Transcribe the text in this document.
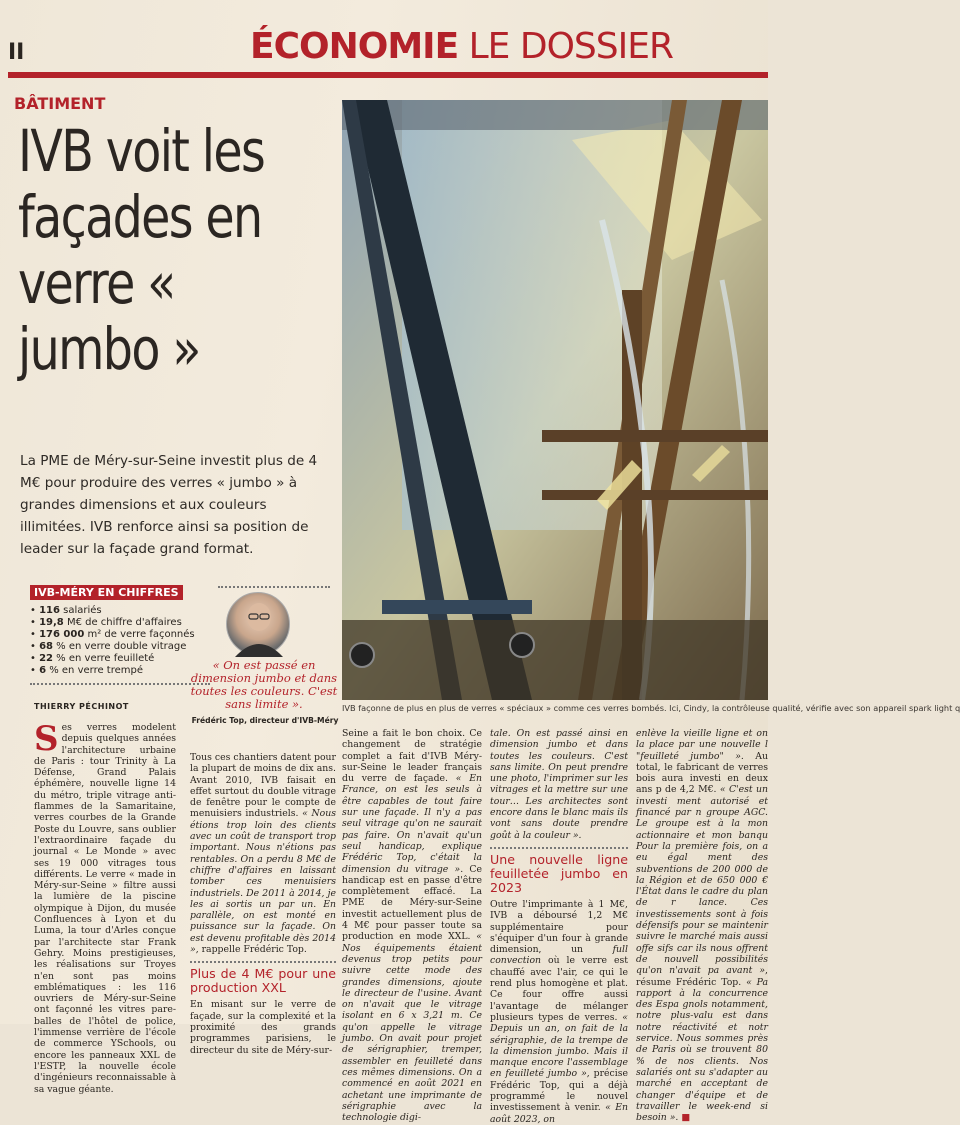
II	ÉCONOMIE LE DOSSIER
BÂTIMENT
IVB voit les façades en verre « jumbo »

La PME de Méry-sur-Seine investit plus de 4 M€ pour produire des verres « jumbo » à grandes dimensions et aux couleurs illimitées. IVB renforce ainsi sa position de leader sur la façade grand format.

IVB façonne de plus en plus de verres « spéciaux » comme ces verres bombés. Ici, Cindy, la contrôleuse qualité, vérifie avec son appareil spark light q
IVB-MÉRY EN CHIFFRES
• 116 salariés
• 19,8 M€ de chiffre d'affaires
• 176 000 m² de verre façonnés
• 68 % en verre double vitrage
• 22 % en verre feuilleté
• 6 % en verre trempé	« On est passé en dimension jumbo et dans toutes les couleurs. C'est sans limite ».
Frédéric Top, directeur d'IVB-Méry
THIERRY PÉCHINOT

Ses verres modelent depuis quelques années l'architecture urbaine de Paris : tour Trinity à La Défense, Grand Palais éphémère, nouvelle ligne 14 du métro, triple vitrage anti-flammes de la Samaritaine, verres courbes de la Grande Poste du Louvre, sans oublier l'extraordinaire façade du journal « Le Monde » avec ses 19 000 vitrages tous différents. Le verre « made in Méry-sur-Seine » filtre aussi la lumière de la piscine olympique à Dijon, du musée Confluences à Lyon et du Luma, la tour d'Arles conçue par l'architecte star Frank Gehry. Moins prestigieuses, les réalisations sur Troyes n'en sont pas moins emblématiques : les 116 ouvriers de Méry-sur-Seine ont façonné les vitres pare-balles de l'hôtel de police, l'immense verrière de l'école de commerce YSchools, ou encore les panneaux XXL de l'ESTP, la nouvelle école d'ingénieurs reconnaissable à sa vague géante.

Tous ces chantiers datent pour la plupart de moins de dix ans. Avant 2010, IVB faisait en effet surtout du double vitrage de fenêtre pour le compte de menuisiers industriels. « Nous étions trop loin des clients avec un coût de transport trop important. Nous n'étions pas rentables. On a perdu 8 M€ de chiffre d'affaires en laissant tomber ces menuisiers industriels. De 2011 à 2014, je les ai sortis un par un. En parallèle, on est monté en puissance sur la façade. On est devenu profitable dès 2014 », rappelle Frédéric Top.

Plus de 4 M€ pour une production XXL

En misant sur le verre de façade, sur la complexité et la proximité des grands programmes parisiens, le directeur du site de Méry-sur-

Seine a fait le bon choix. Ce changement de stratégie complet a fait d'IVB Méry-sur-Seine le leader français du verre de façade. « En France, on est les seuls à être capables de tout faire sur une façade. Il n'y a pas seul vitrage qu'on ne saurait pas faire. On n'avait qu'un seul handicap, explique Frédéric Top, c'était la dimension du vitrage ». Ce handicap est en passe d'être complètement effacé. La PME de Méry-sur-Seine investit actuellement plus de 4 M€ pour passer toute sa production en mode XXL. « Nos équipements étaient devenus trop petits pour suivre cette mode des grandes dimensions, ajoute le directeur de l'usine. Avant on n'avait que le vitrage isolant en 6 x 3,21 m. Ce qu'on appelle le vitrage jumbo. On avait pour projet de sérigraphier, tremper, assembler en feuilleté dans ces mêmes dimensions. On a commencé en août 2021 en achetant une imprimante de sérigraphie avec la technologie digi-

tale. On est passé ainsi en dimension jumbo et dans toutes les couleurs. C'est sans limite. On peut prendre une photo, l'imprimer sur les vitrages et la mettre sur une tour… Les architectes sont encore dans le blanc mais ils vont sans doute prendre goût à la couleur ».

Une nouvelle ligne feuilletée jumbo en 2023

Outre l'imprimante à 1 M€, IVB a déboursé 1,2 M€ supplémentaire pour s'équiper d'un four à grande dimension, un full convection où le verre est chauffé avec l'air, ce qui le rend plus homogène et plat. Ce four offre aussi l'avantage de mélanger plusieurs types de verres. « Depuis un an, on fait de la sérigraphie, de la trempe de la dimension jumbo. Mais il manque encore l'assemblage en feuilleté jumbo », précise Frédéric Top, qui a déjà programmé le nouvel investissement à venir. « En août 2023, on

enlève la vieille ligne et on la place par une nouvelle l "feuilleté jumbo" ». Au total, le fabricant de verres bois aura investi en deux ans p de 4,2 M€. « C'est un investi ment autorisé et financé par n groupe AGC. Le groupe est à la mon actionnaire et mon banqu Pour la première fois, on a eu égal ment des subventions de 200 000 de la Région et de 650 000 € l'État dans le cadre du plan de r lance. Ces investissements sont à fois défensifs pour se maintenir suivre le marché mais aussi offe sifs car ils nous offrent de nouvell possibilités qu'on n'avait pa avant », résume Frédéric Top. « Pa rapport à la concurrence des Espa gnols notamment, notre plus-valu est dans notre réactivité et notr service. Nous sommes près de Paris où se trouvent 80 % de nos clients. Nos salariés ont su s'adapter au marché en acceptant de changer d'équipe et de travailler le week-end si besoin ». ■
